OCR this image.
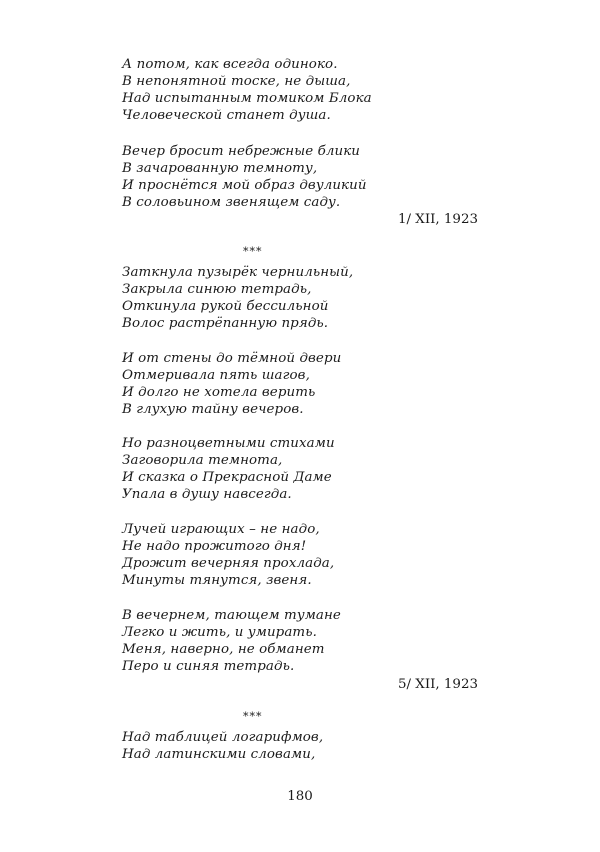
А потом, как всегда одиноко.
В непонятной тоске, не дыша,
Над испытанным томиком Блока
Человеческой станет душа.
Вечер бросит небрежные блики
В зачарованную темноту,
И проснётся мой образ двуликий
В соловьином звенящем саду.
1/ XII, 1923
***
Заткнула пузырёк чернильный,
Закрыла синюю тетрадь,
Откинула рукой бессильной
Волос растрёпанную прядь.
И от стены до тёмной двери
Отмеривала пять шагов,
И долго не хотела верить
В глухую тайну вечеров.
Но разноцветными стихами
Заговорила темнота,
И сказка о Прекрасной Даме
Упала в душу навсегда.
Лучей играющих – не надо,
Не надо прожитого дня!
Дрожит вечерняя прохлада,
Минуты тянутся, звеня.
В вечернем, тающем тумане
Легко и жить, и умирать.
Меня, наверно, не обманет
Перо и синяя тетрадь.
5/ XII, 1923
***
Над таблицей логарифмов,
Над латинскими словами,
180
